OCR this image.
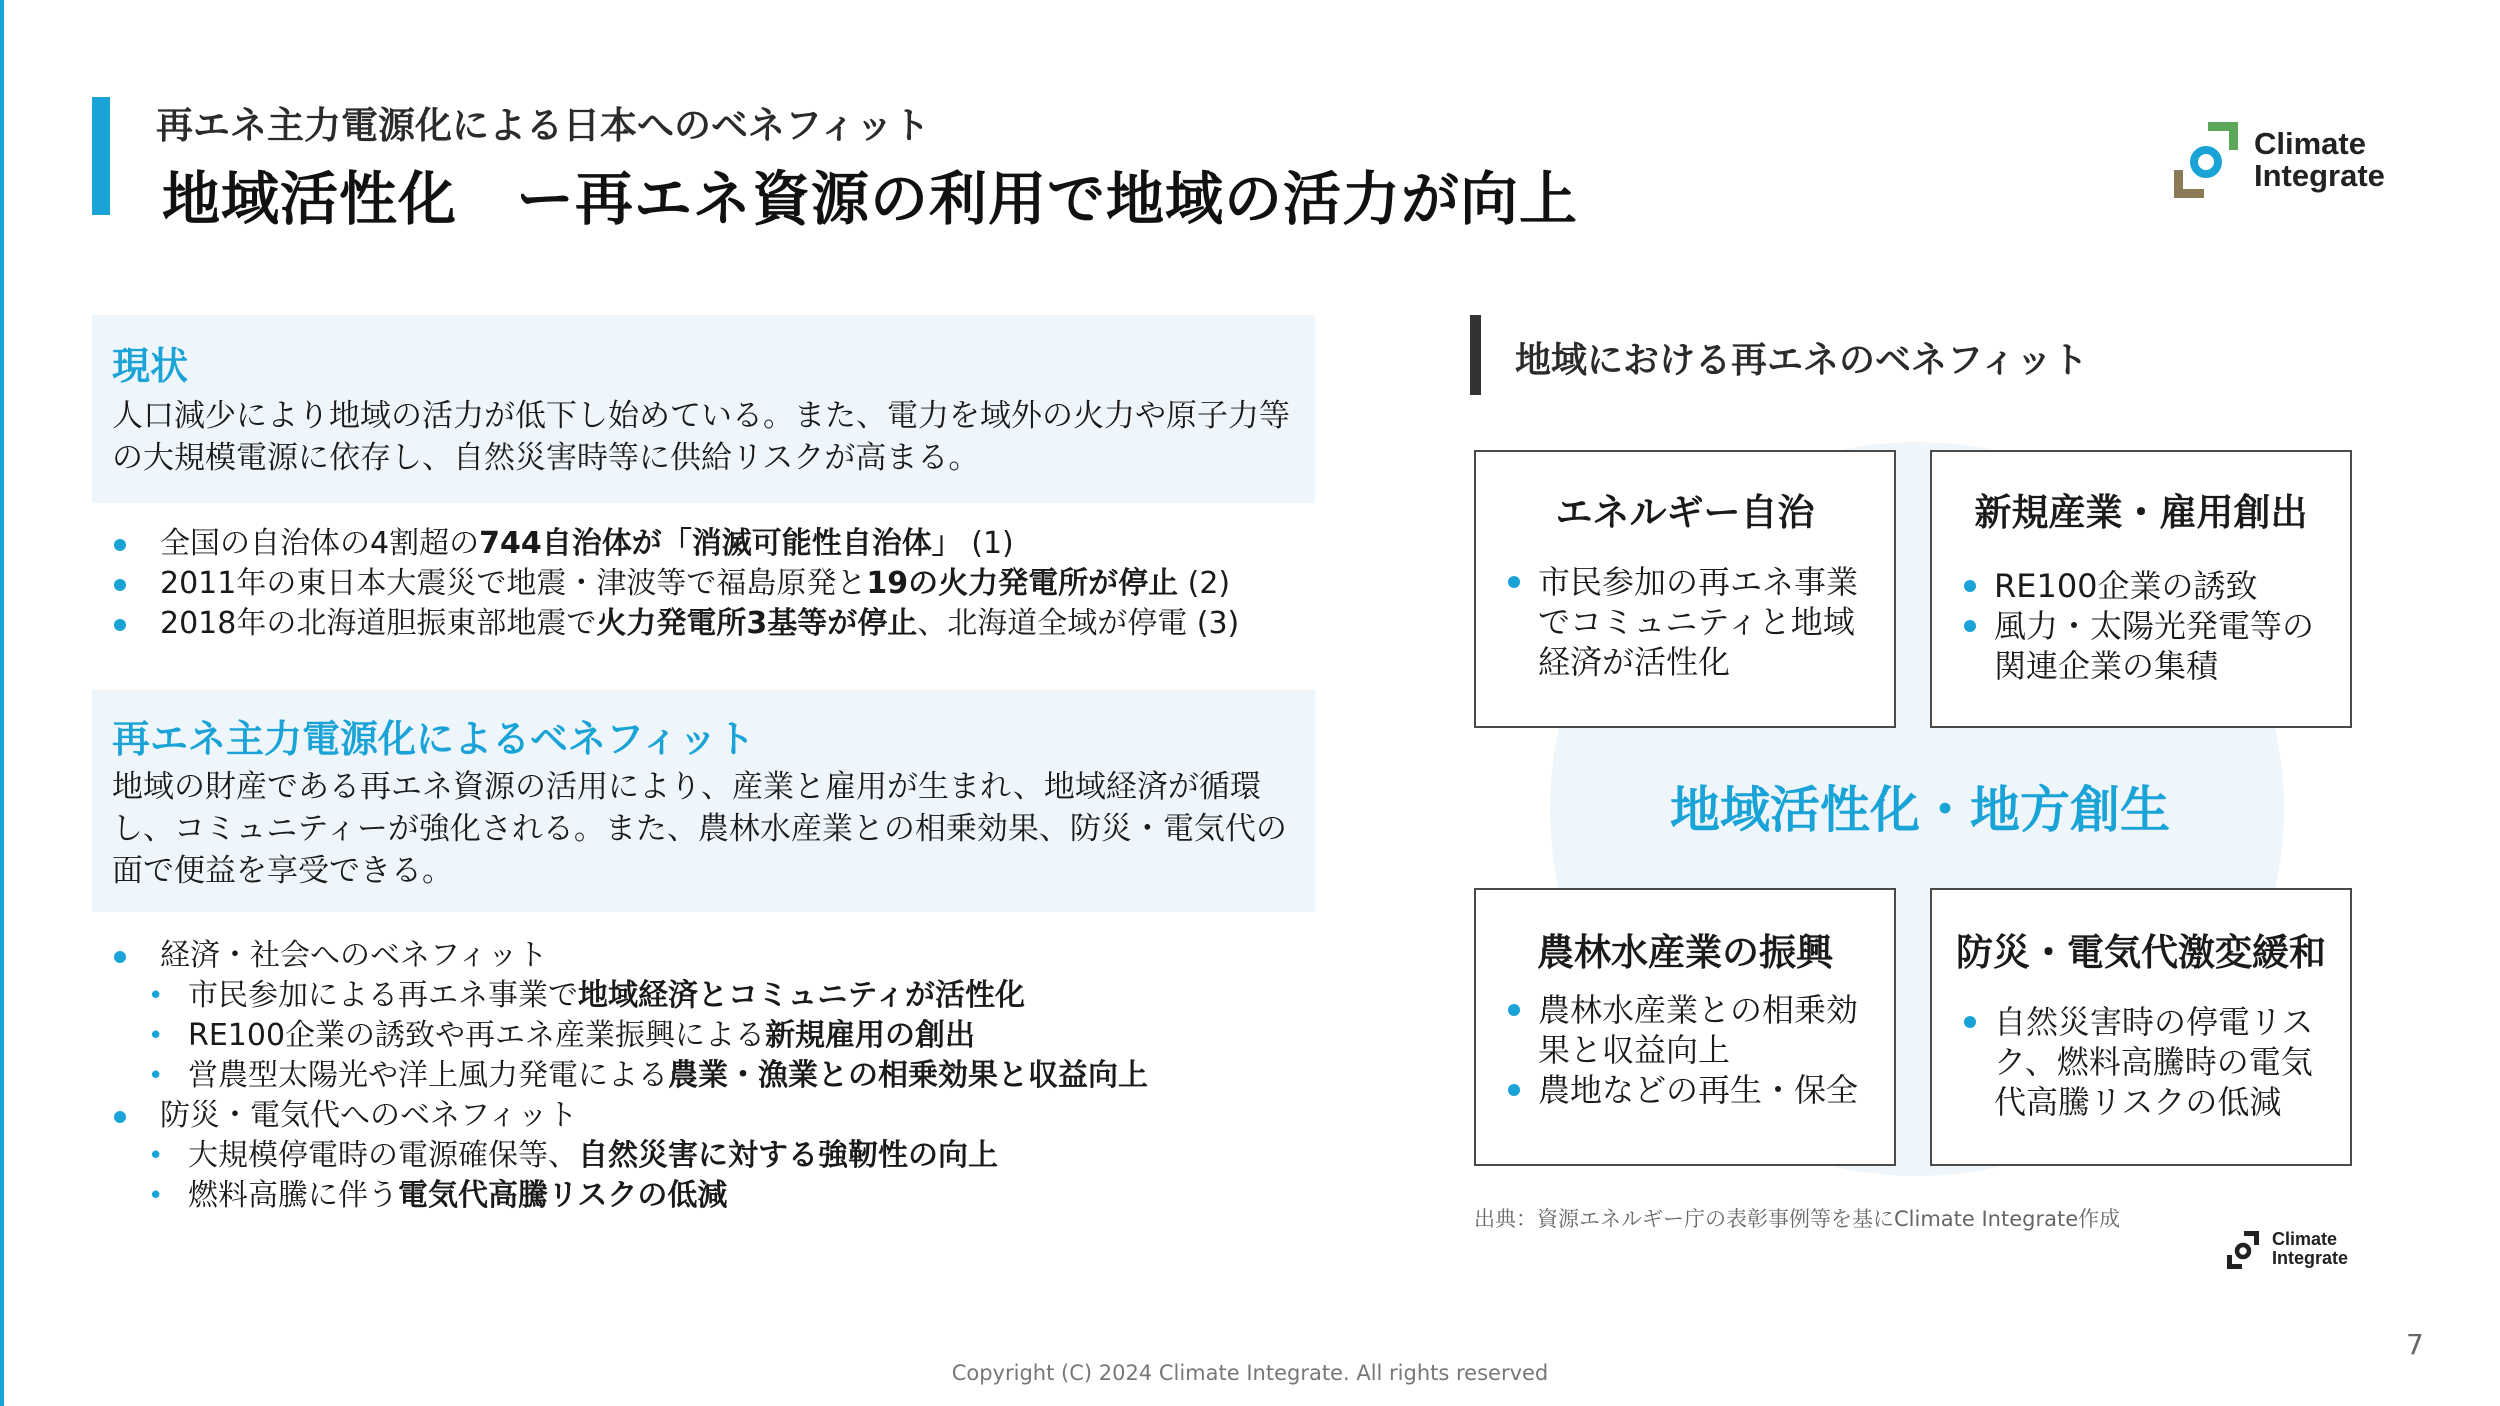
再エネ主力電源化による日本へのベネフィット
地域活性化　ー再エネ資源の利用で地域の活力が向上
Climate
Integrate
現状
人口減少により地域の活力が低下し始めている。また、電力を域外の火力や原子力等の大規模電源に依存し、自然災害時等に供給リスクが高まる。
全国の自治体の4割超の744自治体が「消滅可能性自治体」 (1)
2011年の東日本大震災で地震・津波等で福島原発と19の火力発電所が停止 (2)
2018年の北海道胆振東部地震で火力発電所3基等が停止、北海道全域が停電 (3)
再エネ主力電源化によるベネフィット
地域の財産である再エネ資源の活用により、産業と雇用が生まれ、地域経済が循環し、コミュニティーが強化される。また、農林水産業との相乗効果、防災・電気代の面で便益を享受できる。
経済・社会へのベネフィット
• 市民参加による再エネ事業で地域経済とコミュニティが活性化
• RE100企業の誘致や再エネ産業振興による新規雇用の創出
• 営農型太陽光や洋上風力発電による農業・漁業との相乗効果と収益向上
防災・電気代へのベネフィット
• 大規模停電時の電源確保等、自然災害に対する強靭性の向上
• 燃料高騰に伴う電気代高騰リスクの低減
地域における再エネのベネフィット
エネルギー自治
市民参加の再エネ事業でコミュニティと地域経済が活性化
新規産業・雇用創出
RE100企業の誘致
風力・太陽光発電等の関連企業の集積
地域活性化・地方創生
農林水産業の振興
農林水産業との相乗効果と収益向上
農地などの再生・保全
防災・電気代激変緩和
自然災害時の停電リスク、燃料高騰時の電気代高騰リスクの低減
出典：資源エネルギー庁の表彰事例等を基にClimate Integrate作成
Climate
Integrate
7
Copyright (C) 2024 Climate Integrate. All rights reserved
